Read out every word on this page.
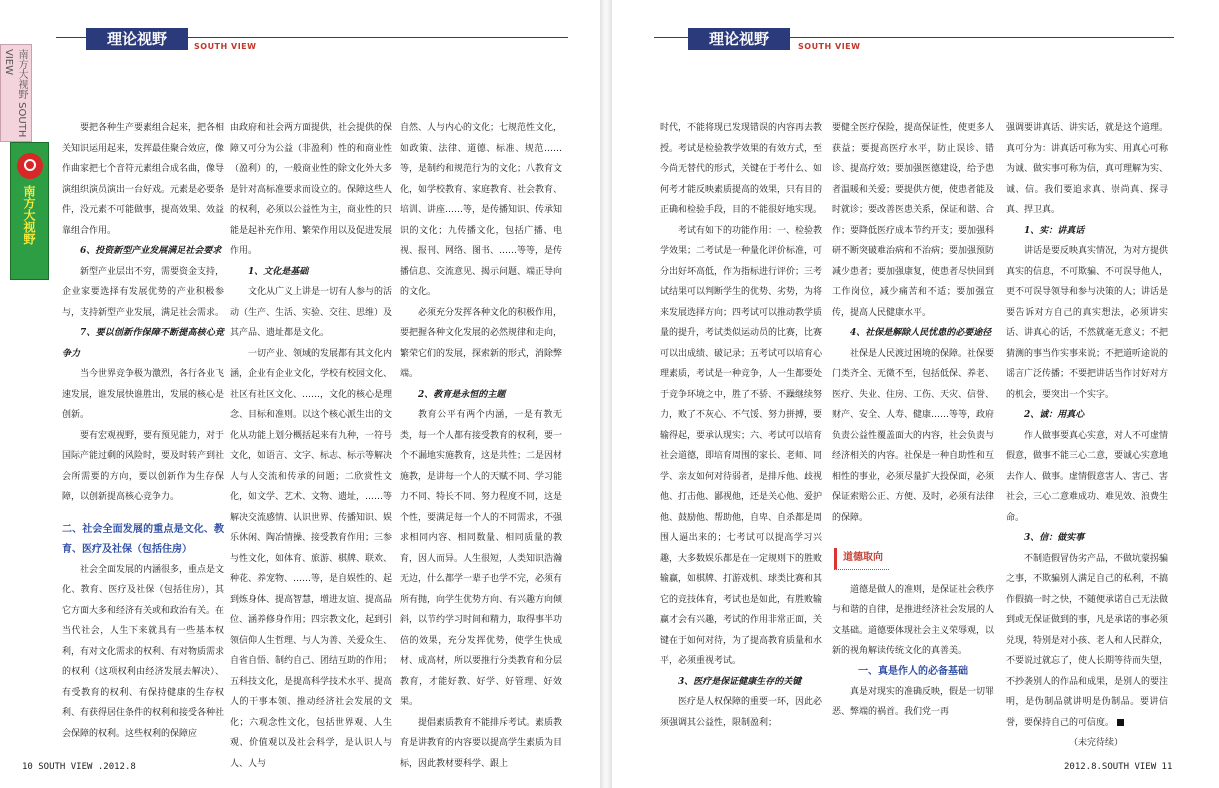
理论视野	SOUTH VIEW
南方大视野 SOUTH VIEW
南方大视野

要把各种生产要素组合起来，把各相关知识运用起来，发挥最佳聚合效应，像作曲家把七个音符元素组合成名曲，像导演组织演员演出一台好戏。元素是必要条件，没元素不可能做事，提高效果、效益靠组合作用。

6、投资新型产业发展满足社会要求

新型产业层出不穷，需要资金支持，企业家要选择有发展优势的产业积极参与，支持新型产业发展，满足社会需求。

7、要以创新作保障不断提高核心竞争力

当今世界竞争极为激烈，各行各业飞速发展，谁发展快谁胜出，发展的核心是创新。

要有宏观视野，要有预见能力，对于国际产能过剩的风险时，要及时转产到社会所需要的方向，要以创新作为生存保障，以创新提高核心竞争力。

二、社会全面发展的重点是文化、教育、医疗及社保（包括住房）

社会全面发展的内涵很多，重点是文化、教育、医疗及社保（包括住房），其它方面大多和经济有关或和政治有关。在当代社会，人生下来就具有一些基本权利，有对文化需求的权利、有对物质需求的权利（这项权利由经济发展去解决）、有受教育的权利、有保持健康的生存权利、有获得居住条件的权利和接受各种社会保障的权利。这些权利的保障应

由政府和社会两方面提供，社会提供的保障又可分为公益（非盈利）性的和商业性（盈利）的，一般商业性的除文化外大多是针对高标准要求而设立的。保障这些人的权利，必须以公益性为主，商业性的只能是起补充作用、繁荣作用以及促进发展作用。

1、文化是基础

文化从广义上讲是一切有人参与的活动（生产、生活、实验、交往、思维）及其产品、遗址都是文化。

一切产业、领域的发展都有其文化内涵，企业有企业文化，学校有校园文化、社区有社区文化、……，文化的核心是理念、目标和准则。以这个核心派生出的文化从功能上划分概括起来有九种，一符号文化，如语言、文字、标志、标示等解决人与人交流和传承的问题；二欣赏性文化，如文学、艺术、文物、遗址，……等解决交流感情、认识世界、传播知识、娱乐休闲、陶冶情操、接受教育作用；三参与性文化，如体育、旅游、棋牌、联欢、种花、养宠物、……等，是自娱性的、起到炼身体、提高智慧，增进友谊、提高品位、涵养修身作用；四宗教文化，起到引领信仰人生哲理、与人为善、关爱众生、自省自悟、制约自己、团结互助的作用；五科技文化，是提高科学技术水平、提高人的干事本领、推动经济社会发展的文化；六观念性文化，包括世界观、人生观、价值观以及社会科学，是认识人与人、人与

自然、人与内心的文化；七规范性文化，如政策、法律、道德、标准、规范……等，是制约和规范行为的文化；八教育文化，如学校教育、家庭教育、社会教育、培训、讲座……等，是传播知识、传承知识的文化；九传播文化，包括广播、电视、报刊、网络、图书、……等等，是传播信息、交流意见、揭示问题、端正导向的文化。

必须充分发挥各种文化的积极作用，要把握各种文化发展的必然规律和走向，繁荣它们的发展，探索新的形式，消除弊端。

2、教育是永恒的主题

教育公平有两个内涵，一是有教无类，每一个人都有接受教育的权利，要一个不漏地实施教育，这是共性；二是因材施教，是讲每一个人的天赋不同、学习能力不同、特长不同、努力程度不同，这是个性，要满足每一个人的不同需求，不强求相同内容、相同数量、相同质量的教育，因人而异。人生很短，人类知识浩瀚无边，什么都学一辈子也学不完，必须有所有抛，向学生优势方向、有兴趣方向倾斜，以节约学习时间和精力，取得事半功倍的效果，充分发挥优势，使学生快成材、成高材，所以要推行分类教育和分层教育，才能好教、好学、好管理、好效果。

提倡素质教育不能排斥考试。素质教育是讲教育的内容要以提高学生素质为目标，因此教材要科学、跟上

10 SOUTH VIEW .2012.8
理论视野	SOUTH VIEW

时代，不能将现已发现错误的内容再去教授。考试是检验教学效果的有效方式，至今尚无替代的形式，关键在于考什么、如何考才能反映素质提高的效果，只有目的正确和检验手段，目的不能很好地实现。

考试有如下的功能作用：一、检验教学效果；二考试是一种量化评价标准，可分出好坏高低，作为指标进行评价；三考试结果可以判断学生的优势、劣势，为将来发展选择方向；四考试可以推动教学质量的提升，考试类似运动员的比赛，比赛可以出成绩、破记录；五考试可以培育心理素质，考试是一种竞争，人一生都要处于竞争环境之中，胜了不骄、不躁继续努力，败了不灰心、不气馁、努力拼搏，要输得起，要承认现实；六、考试可以培育社会道德，即培育周围的家长、老师、同学、亲友如何对待弱者，是排斥他、歧视他、打击他、鄙视他，还是关心他、爱护他、鼓励他、帮助他，自卑、自杀都是周围人逼出来的；七考试可以提高学习兴趣，大多数娱乐都是在一定规则下的胜败输赢，如棋牌、打游戏机、球类比赛和其它的竞技体育，考试也是如此，有胜败输赢才会有兴趣，考试的作用非常正面，关键在于如何对待，为了提高教育质量和水平，必须重视考试。

3、医疗是保证健康生存的关键

医疗是人权保障的重要一环，因此必须强调其公益性，限制盈利；

要健全医疗保险，提高保证性，使更多人获益；要提高医疗水平，防止误诊、错诊、提高疗效；要加强医德建设，给予患者温暖和关爱；要提供方便，使患者能及时就诊；要改善医患关系，保证和谐、合作；要降低医疗成本节约开支；要加强科研不断突破难治病和不治病；要加强预防减少患者；要加强康复，使患者尽快回到工作岗位，减少痛苦和不适；要加强宣传，提高人民健康水平。

4、社保是解除人民忧患的必要途径

社保是人民渡过困境的保障。社保要门类齐全、无微不至，包括低保、养老、医疗、失业、住房、工伤、天灾、信誉、财产、安全、人寿、健康……等等，政府负责公益性覆盖面大的内容，社会负责与经济相关的内容。社保是一种自助性和互相性的事业，必须尽量扩大投保面，必须保证索赔公正、方便、及时，必须有法律的保障。

道德取向

道德是做人的准则，是保证社会秩序与和谐的自律，是推进经济社会发展的人文基础。道德要体现社会主义荣辱观，以新的视角解读传统文化的真善美。

一、真是作人的必备基础

真是对现实的准确反映，假是一切罪恶、弊端的祸首。我们党一再

强调要讲真话、讲实话，就是这个道理。真可分为：讲真话可称为实、用真心可称为诚、做实事可称为信，真可理解为实、诚、信。我们要追求真、崇尚真、探寻真、捍卫真。

1、实：讲真话

讲话是要反映真实情况，为对方提供真实的信息，不可欺骗、不可误导他人，更不可误导领导和参与决策的人；讲话是要告诉对方自己的真实想法，必须讲实话、讲真心的话，不然就毫无意义；不把猜测的事当作实事来说；不把道听途说的谣言广泛传播；不要把讲话当作讨好对方的机会，要突出一个实字。

2、诚：用真心

作人做事要真心实意，对人不可虚情假意，做事不能三心二意，要诚心实意地去作人、做事。虚情假意害人、害己、害社会，三心二意难成功、难见效、浪费生命。

3、信：做实事

不制造假冒伪劣产品，不做坑蒙拐骗之事，不欺骗别人满足自己的私利，不搞作假搞一时之快，不随便承诺自己无法做到或无保证做到的事，凡是承诺的事必须兑现，特别是对小孩、老人和人民群众，不要说过就忘了，使人长期等待而失望，不抄袭别人的作品和成果，是别人的要注明，是伪制品就讲明是伪制品。要讲信誉，要保持自己的可信度。

（未完待续）

2012.8.SOUTH VIEW 11
